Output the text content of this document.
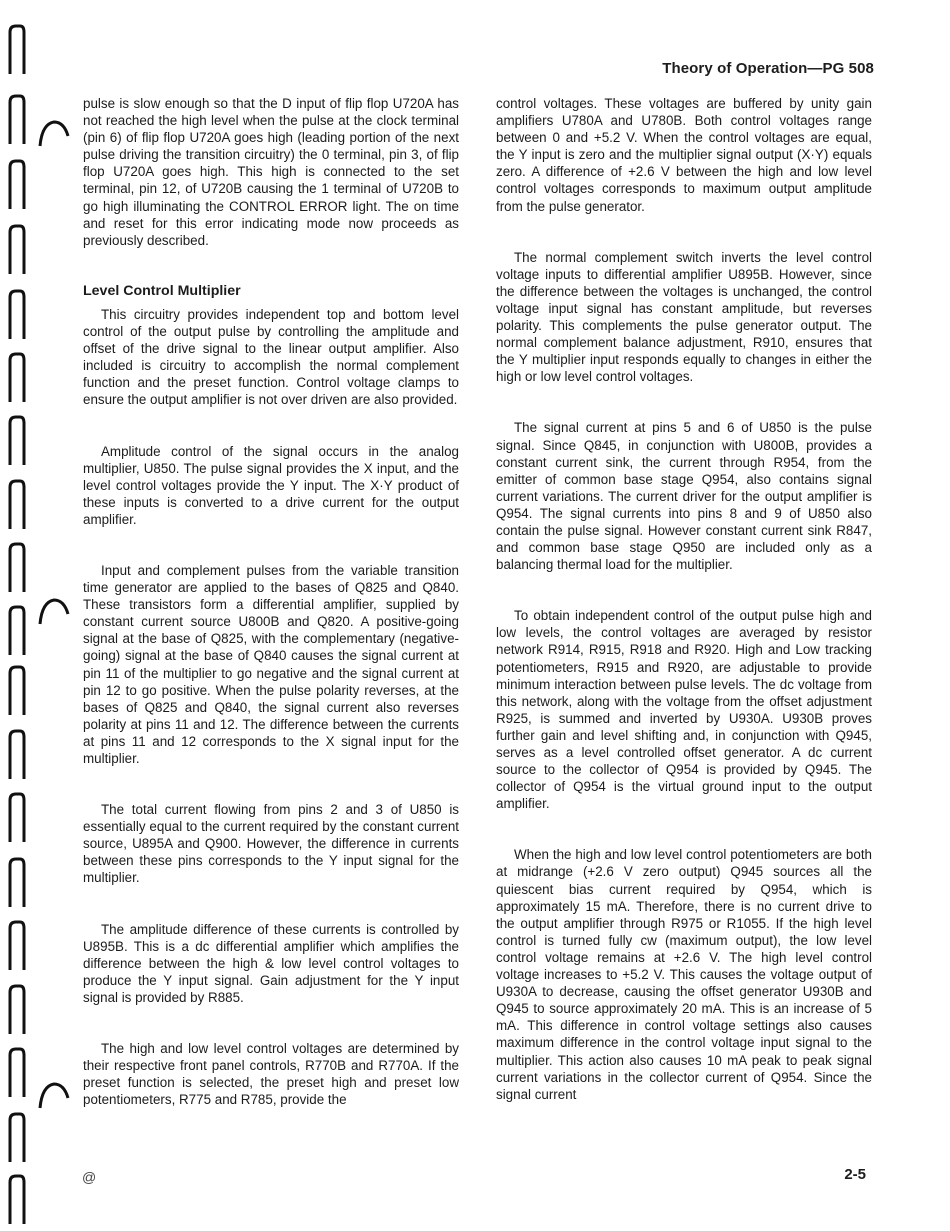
Theory of Operation—PG 508

pulse is slow enough so that the D input of flip flop U720A has not reached the high level when the pulse at the clock terminal (pin 6) of flip flop U720A goes high (leading portion of the next pulse driving the transition circuitry) the 0 terminal, pin 3, of flip flop U720A goes high. This high is connected to the set terminal, pin 12, of U720B causing the 1 terminal of U720B to go high illuminating the CONTROL ERROR light. The on time and reset for this error indicating mode now proceeds as previously described.

Level Control Multiplier

This circuitry provides independent top and bottom level control of the output pulse by controlling the amplitude and offset of the drive signal to the linear output amplifier. Also included is circuitry to accomplish the normal complement function and the preset function. Control voltage clamps to ensure the output amplifier is not over driven are also provided.

Amplitude control of the signal occurs in the analog multiplier, U850. The pulse signal provides the X input, and the level control voltages provide the Y input. The X·Y product of these inputs is converted to a drive current for the output amplifier.

Input and complement pulses from the variable transition time generator are applied to the bases of Q825 and Q840. These transistors form a differential amplifier, supplied by constant current source U800B and Q820. A positive-going signal at the base of Q825, with the complementary (negative-going) signal at the base of Q840 causes the signal current at pin 11 of the multiplier to go negative and the signal current at pin 12 to go positive. When the pulse polarity reverses, at the bases of Q825 and Q840, the signal current also reverses polarity at pins 11 and 12. The difference between the currents at pins 11 and 12 corresponds to the X signal input for the multiplier.

The total current flowing from pins 2 and 3 of U850 is essentially equal to the current required by the constant current source, U895A and Q900. However, the difference in currents between these pins corresponds to the Y input signal for the multiplier.

The amplitude difference of these currents is controlled by U895B. This is a dc differential amplifier which amplifies the difference between the high & low level control voltages to produce the Y input signal. Gain adjustment for the Y input signal is provided by R885.

The high and low level control voltages are determined by their respective front panel controls, R770B and R770A. If the preset function is selected, the preset high and preset low potentiometers, R775 and R785, provide the

control voltages. These voltages are buffered by unity gain amplifiers U780A and U780B. Both control voltages range between 0 and +5.2 V. When the control voltages are equal, the Y input is zero and the multiplier signal output (X·Y) equals zero. A difference of +2.6 V between the high and low level control voltages corresponds to maximum output amplitude from the pulse generator.

The normal complement switch inverts the level control voltage inputs to differential amplifier U895B. However, since the difference between the voltages is unchanged, the control voltage input signal has constant amplitude, but reverses polarity. This complements the pulse generator output. The normal complement balance adjustment, R910, ensures that the Y multiplier input responds equally to changes in either the high or low level control voltages.

The signal current at pins 5 and 6 of U850 is the pulse signal. Since Q845, in conjunction with U800B, provides a constant current sink, the current through R954, from the emitter of common base stage Q954, also contains signal current variations. The current driver for the output amplifier is Q954. The signal currents into pins 8 and 9 of U850 also contain the pulse signal. However constant current sink R847, and common base stage Q950 are included only as a balancing thermal load for the multiplier.

To obtain independent control of the output pulse high and low levels, the control voltages are averaged by resistor network R914, R915, R918 and R920. High and Low tracking potentiometers, R915 and R920, are adjustable to provide minimum interaction between pulse levels. The dc voltage from this network, along with the voltage from the offset adjustment R925, is summed and inverted by U930A. U930B proves further gain and level shifting and, in conjunction with Q945, serves as a level controlled offset generator. A dc current source to the collector of Q954 is provided by Q945. The collector of Q954 is the virtual ground input to the output amplifier.

When the high and low level control potentiometers are both at midrange (+2.6 V zero output) Q945 sources all the quiescent bias current required by Q954, which is approximately 15 mA. Therefore, there is no current drive to the output amplifier through R975 or R1055. If the high level control is turned fully cw (maximum output), the low level control voltage remains at +2.6 V. The high level control voltage increases to +5.2 V. This causes the voltage output of U930A to decrease, causing the offset generator U930B and Q945 to source approximately 20 mA. This is an increase of 5 mA. This difference in control voltage settings also causes maximum difference in the control voltage input signal to the multiplier. This action also causes 10 mA peak to peak signal current variations in the collector current of Q954. Since the signal current

@	2-5
